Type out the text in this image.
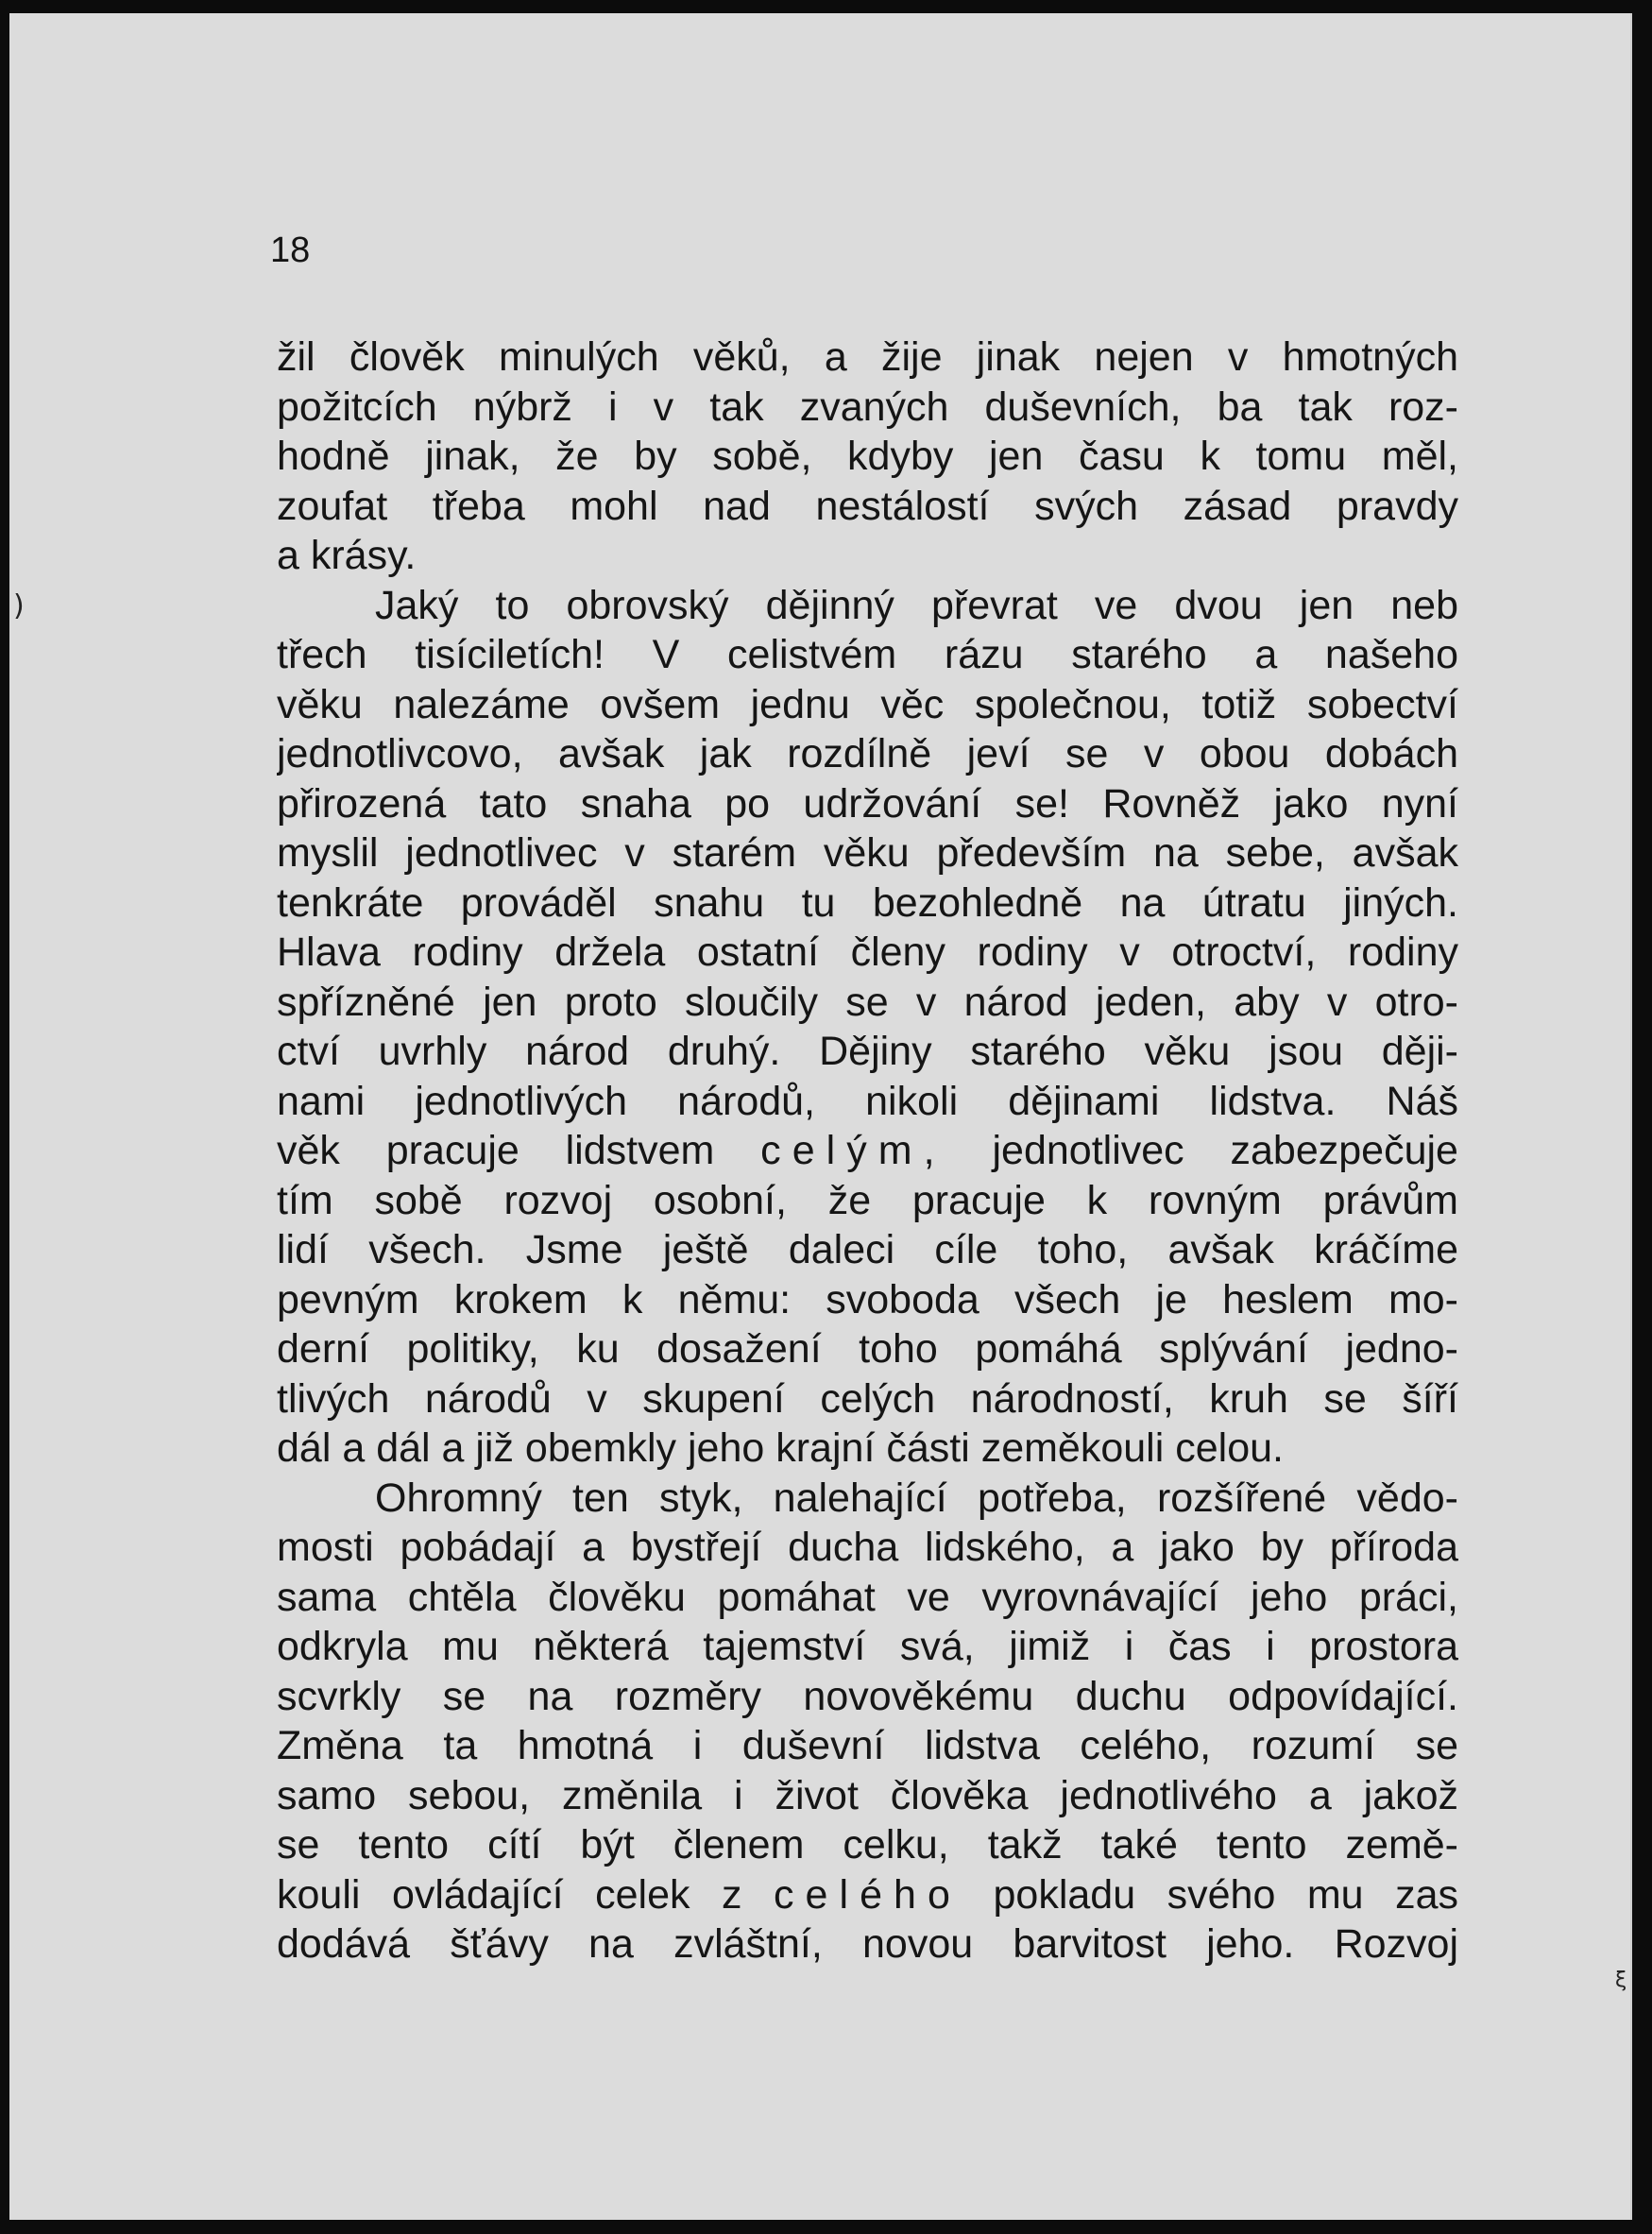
18
žil člověk minulých věků, a žije jinak nejen v hmotných
požitcích nýbrž i v tak zvaných duševních, ba tak roz-
hodně jinak, že by sobě, kdyby jen času k tomu měl,
zoufat třeba mohl nad nestálostí svých zásad pravdy
a krásy.
Jaký to obrovský dějinný převrat ve dvou jen neb
třech tisíciletích! V celistvém rázu starého a našeho
věku nalezáme ovšem jednu věc společnou, totiž sobectví
jednotlivcovo, avšak jak rozdílně jeví se v obou dobách
přirozená tato snaha po udržování se! Rovněž jako nyní
myslil jednotlivec v starém věku především na sebe, avšak
tenkráte prováděl snahu tu bezohledně na útratu jiných.
Hlava rodiny držela ostatní členy rodiny v otroctví, rodiny
spřízněné jen proto sloučily se v národ jeden, aby v otro-
ctví uvrhly národ druhý. Dějiny starého věku jsou ději-
nami jednotlivých národů, nikoli dějinami lidstva. Náš
věk pracuje lidstvem celým, jednotlivec zabezpečuje
tím sobě rozvoj osobní, že pracuje k rovným právům
lidí všech. Jsme ještě daleci cíle toho, avšak kráčíme
pevným krokem k němu: svoboda všech je heslem mo-
derní politiky, ku dosažení toho pomáhá splývání jedno-
tlivých národů v skupení celých národností, kruh se šíří
dál a dál a již obemkly jeho krajní části zeměkouli celou.
Ohromný ten styk, nalehající potřeba, rozšířené vědo-
mosti pobádají a bystřejí ducha lidského, a jako by příroda
sama chtěla člověku pomáhat ve vyrovnávající jeho práci,
odkryla mu některá tajemství svá, jimiž i čas i prostora
scvrkly se na rozměry novověkému duchu odpovídající.
Změna ta hmotná i duševní lidstva celého, rozumí se
samo sebou, změnila i život člověka jednotlivého a jakož
se tento cítí být členem celku, takž také tento země-
kouli ovládající celek z celého pokladu svého mu zas
dodává šťávy na zvláštní, novou barvitost jeho. Rozvoj
)
ξ
